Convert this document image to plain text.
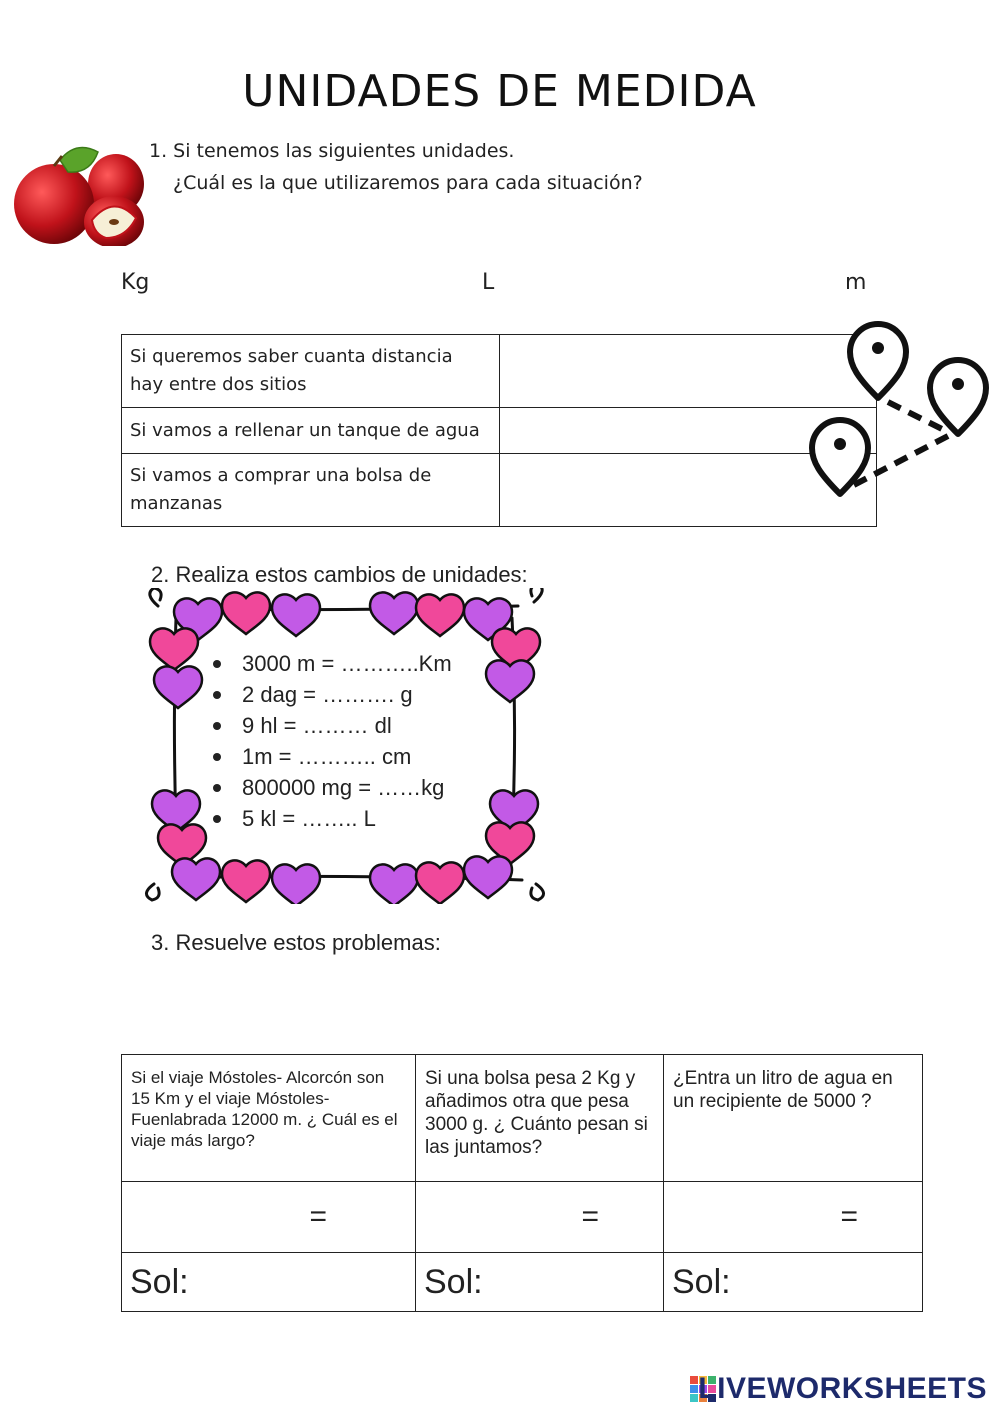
UNIDADES DE MEDIDA
1. Si tenemos las siguientes unidades.
¿Cuál es la que utilizaremos para cada situación?
Kg	L	m
Si queremos saber cuanta distancia hay entre dos sitios	
Si vamos a rellenar un tanque de agua	
Si vamos a comprar una bolsa de manzanas	
2. Realiza estos cambios de unidades:
3000 m = ………..Km
2 dag = ………. g
9 hl = ……… dl
1m = ……….. cm
800000 mg = ……kg
5 kl = …….. L
3. Resuelve estos problemas:
Si el viaje Móstoles- Alcorcón son 15 Km y el viaje Móstoles-Fuenlabrada 12000 m. ¿ Cuál es el viaje más largo?	Si una bolsa pesa 2 Kg y añadimos otra que pesa 3000 g. ¿ Cuánto pesan si las juntamos?	¿Entra un litro de agua en un recipiente de 5000 ?
=	=	=
Sol:	Sol:	Sol:
LIVEWORKSHEETS
